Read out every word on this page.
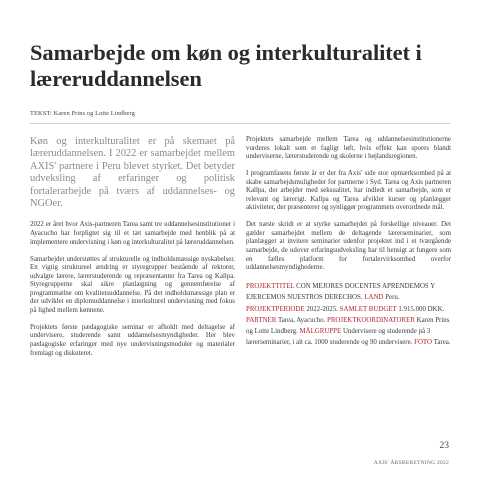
Samarbejde om køn og interkulturalitet i læreruddannelsen
TEKST: Karen Prins og Lotte Lindberg

Køn og interkulturalitet er på skemaet på læreruddannelsen. I 2022 er samarbejdet mellem AXIS' partnere i Peru blevet styrket. Det betyder udveksling af erfaringer og politisk fortalerarbejde på tværs af uddannelses- og NGOer.

2022 er året hvor Axis-partneren Tarea samt tre uddannelsesinstitutioner i Ayacucho har forpligtet sig til et tæt samarbejde med henblik på at implementere undervisning i køn og interkulturalitet på læreruddannelsen.

Samarbejdet understøttes af strukturelle og indholdsmæssige nyskabelser. En vigtig struktureel ændring er styregrupper bestående af rektorer, udvalgte lærere, lærerstuderende og repræsentanter fra Tarea og Kallpa. Styregrupperne skal sikre planlægning og gennemførelse af programmælne om kvalitetsuddannelse. På det indholdsmæssige plan er der udviklet en diplomuddannelse i interkulturel undervisning med fokus på lighed mellem kønnene.

Projektets første pædagogiske seminar er afholdt med deltagelse af undervisere, studerende samt uddannelsesmyndigheder. Her blev pædagogiske erfaringer med nye undervisningsmoduler og materialer fremlagt og diskuteret.

Projektets samarbejde mellem Tarea og uddannelsesinstitutionerne vurderes lokalt som et fagligt løft, hvis effekt kan spores blandt underviserne, lærerstuderende og skolerne i højlandsregionen.

I programfasens første år er der fra Axis' side stor opmærksomhed på at skabe samarbejdsmuligheder for partnerne i Syd. Tarea og Axis partneren Kallpa, der arbejder med seksualitet, har indledt et samarbejde, som er relevant og lærerigt. Kallpa og Tarea afvikler kurser og planlægger aktiviteter, der præsenterer og synliggør programmets overordnede mål.

Det næste skridt er at styrke samarbejdet på forskellige niveauer. Det gælder samarbejdet mellem de deltagende lærerseminarier, som planlægger at invitere seminarier udenfor projektet ind i et tværgående samarbejde, de udover erfaringsudveksling har til hensigt at fungere som en fælles platform for fortalervirksomhed overfor uddannelsesmyndighederne.

PROJEKTTITEL CON MEJORES DOCENTES APRENDEMOS Y EJERCEMOS NUESTROS DERECHOS. LAND Peru. PROJEKTPERIODE 2022-2025. SAMLET BUDGET 1.915.000 DKK. PARTNER Tarea, Ayacucho. PROJEKTKOORDINATORER Karen Prins og Lotte Lindberg. MÅLGRUPPE Undervisere og studerende på 3 lærerseminarier, i alt ca. 1000 studerende og 90 undervisere. FOTO Tarea.

23
AXIS' ÅRSBERETNING 2022
